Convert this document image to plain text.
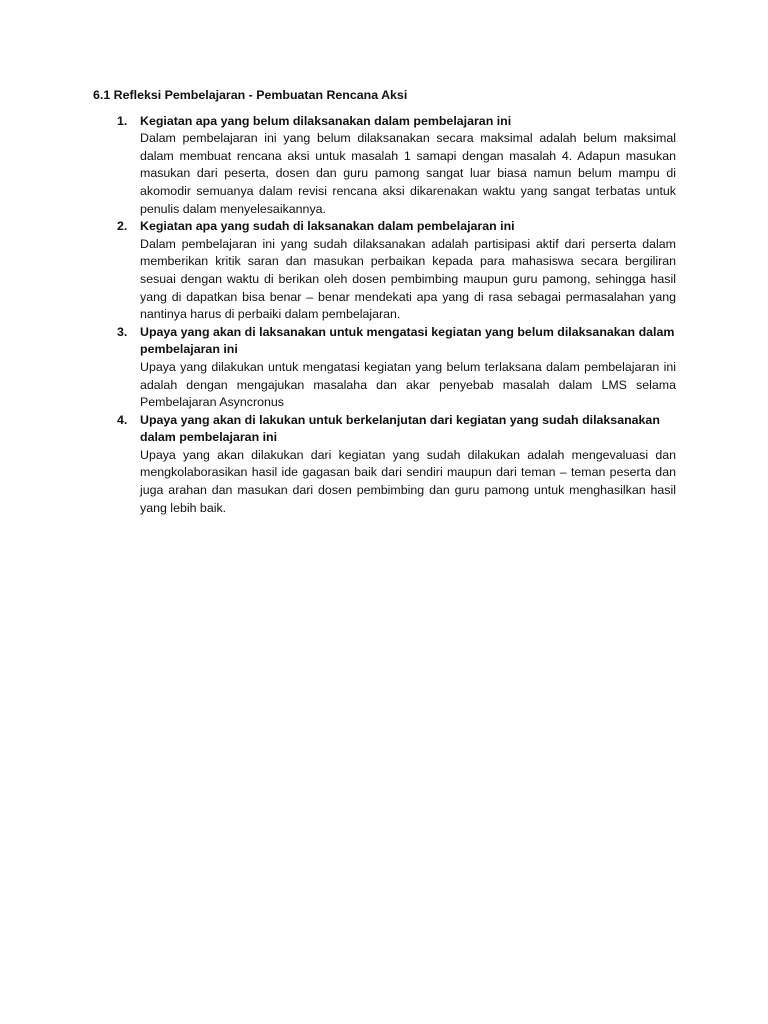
6.1 Refleksi Pembelajaran - Pembuatan Rencana Aksi
1. Kegiatan apa yang belum dilaksanakan dalam pembelajaran ini
Dalam pembelajaran ini yang belum dilaksanakan secara maksimal adalah belum maksimal dalam membuat rencana aksi untuk masalah 1 samapi dengan masalah 4. Adapun masukan masukan dari peserta, dosen dan guru pamong sangat luar biasa namun belum mampu di akomodir semuanya dalam revisi rencana aksi dikarenakan waktu yang sangat terbatas untuk penulis dalam menyelesaikannya.
2. Kegiatan apa yang sudah di laksanakan dalam pembelajaran ini
Dalam pembelajaran ini yang sudah dilaksanakan adalah partisipasi aktif dari perserta dalam memberikan kritik saran dan masukan perbaikan kepada para mahasiswa secara bergiliran sesuai dengan waktu di berikan oleh dosen pembimbing maupun guru pamong, sehingga hasil yang di dapatkan bisa benar – benar mendekati apa yang di rasa sebagai permasalahan yang nantinya harus di perbaiki dalam pembelajaran.
3. Upaya yang akan di laksanakan untuk mengatasi kegiatan yang belum dilaksanakan dalam pembelajaran ini
Upaya yang dilakukan untuk mengatasi kegiatan yang belum terlaksana dalam pembelajaran ini adalah dengan mengajukan masalaha dan akar penyebab masalah dalam LMS selama Pembelajaran Asyncronus
4. Upaya yang akan di lakukan untuk berkelanjutan dari kegiatan yang sudah dilaksanakan dalam pembelajaran ini
Upaya yang akan dilakukan dari kegiatan yang sudah dilakukan adalah mengevaluasi dan mengkolaborasikan hasil ide gagasan baik dari sendiri maupun dari teman – teman peserta dan juga arahan dan masukan dari dosen pembimbing dan guru pamong untuk menghasilkan hasil yang lebih baik.
